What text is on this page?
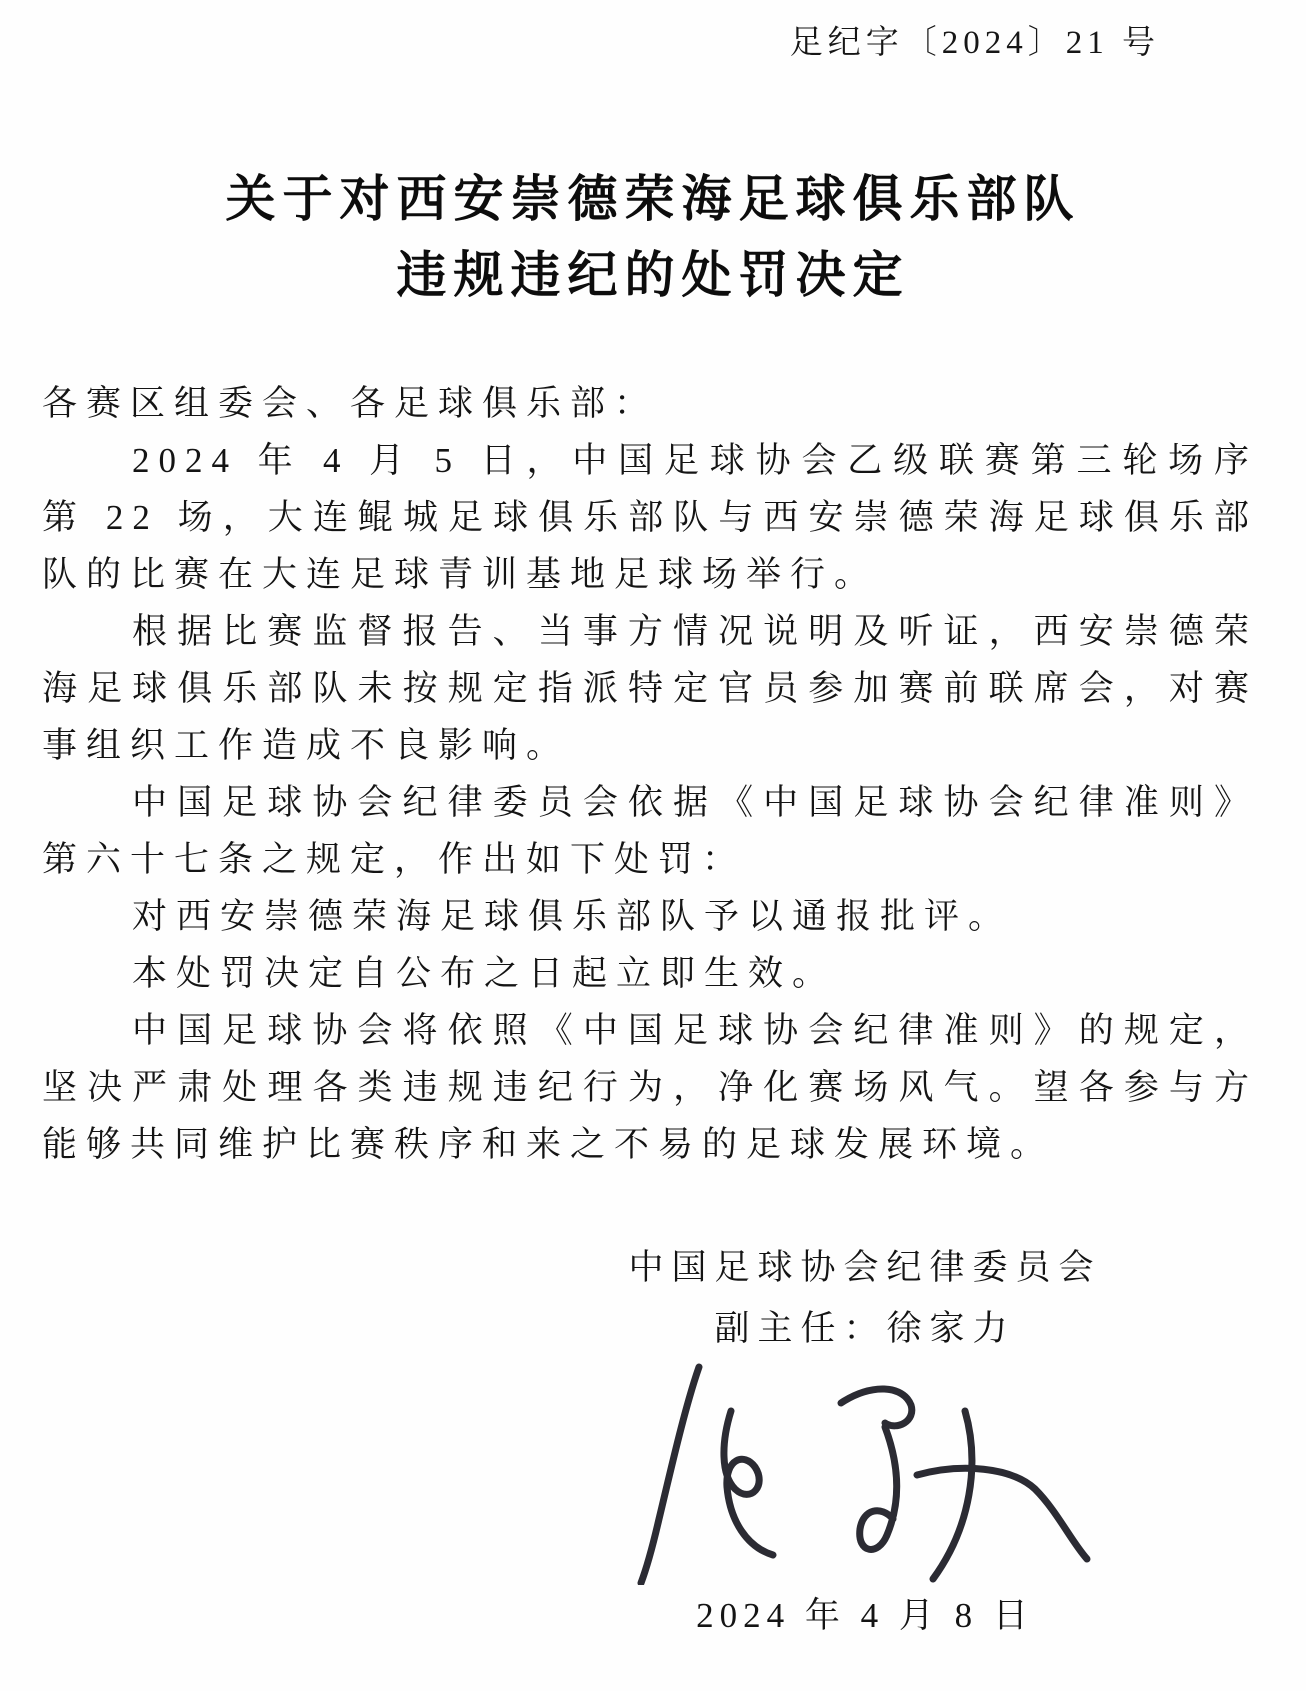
足纪字〔2024〕21 号
关于对西安崇德荣海足球俱乐部队
违规违纪的处罚决定

各赛区组委会、各足球俱乐部：

2024 年 4 月 5 日，中国足球协会乙级联赛第三轮场序第 22 场，大连鲲城足球俱乐部队与西安崇德荣海足球俱乐部队的比赛在大连足球青训基地足球场举行。

根据比赛监督报告、当事方情况说明及听证，西安崇德荣海足球俱乐部队未按规定指派特定官员参加赛前联席会，对赛事组织工作造成不良影响。

中国足球协会纪律委员会依据《中国足球协会纪律准则》第六十七条之规定，作出如下处罚：

对西安崇德荣海足球俱乐部队予以通报批评。

本处罚决定自公布之日起立即生效。

中国足球协会将依照《中国足球协会纪律准则》的规定，坚决严肃处理各类违规违纪行为，净化赛场风气。望各参与方能够共同维护比赛秩序和来之不易的足球发展环境。

中国足球协会纪律委员会

副主任：徐家力

2024 年 4 月 8 日
